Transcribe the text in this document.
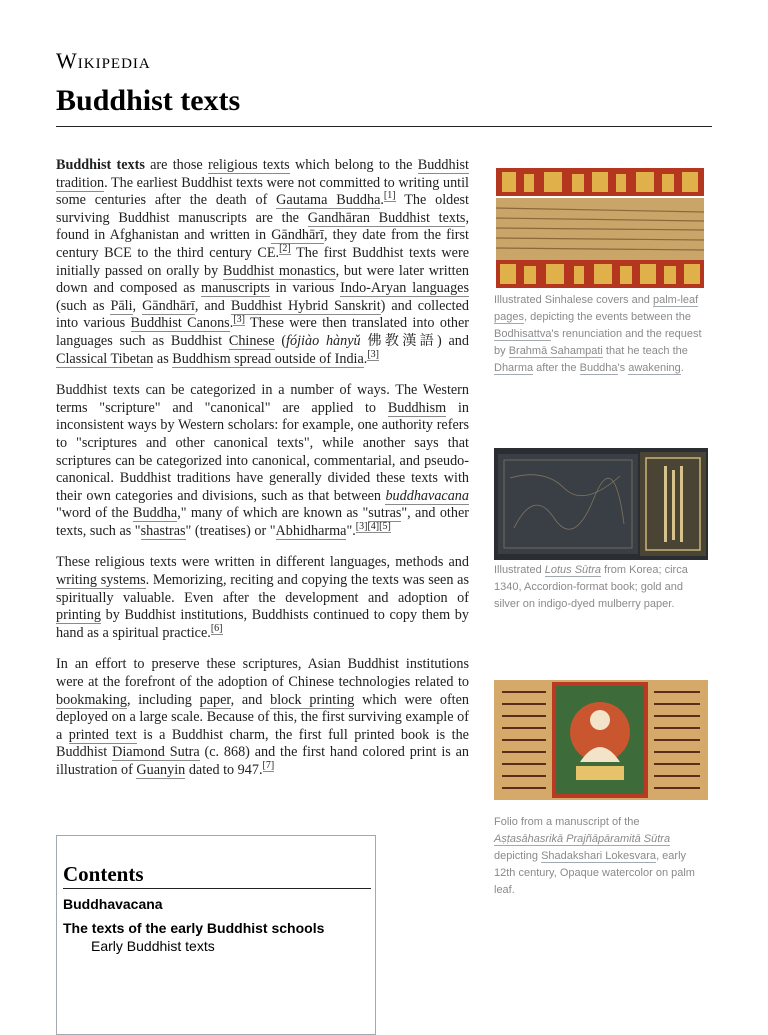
Wikipedia
Buddhist texts

Buddhist texts are those religious texts which belong to the Buddhist tradition. The earliest Buddhist texts were not committed to writing until some centuries after the death of Gautama Buddha.[1] The oldest surviving Buddhist manuscripts are the Gandhāran Buddhist texts, found in Afghanistan and written in Gāndhārī, they date from the first century BCE to the third century CE.[2] The first Buddhist texts were initially passed on orally by Buddhist monastics, but were later written down and composed as manuscripts in various Indo-Aryan languages (such as Pāli, Gāndhārī, and Buddhist Hybrid Sanskrit) and collected into various Buddhist Canons.[3] These were then translated into other languages such as Buddhist Chinese (fójiào hànyǔ 佛教漢語) and Classical Tibetan as Buddhism spread outside of India.[3]

Buddhist texts can be categorized in a number of ways. The Western terms "scripture" and "canonical" are applied to Buddhism in inconsistent ways by Western scholars: for example, one authority refers to "scriptures and other canonical texts", while another says that scriptures can be categorized into canonical, commentarial, and pseudo-canonical. Buddhist traditions have generally divided these texts with their own categories and divisions, such as that between buddhavacana "word of the Buddha," many of which are known as "sutras", and other texts, such as "shastras" (treatises) or "Abhidharma".[3][4][5]

These religious texts were written in different languages, methods and writing systems. Memorizing, reciting and copying the texts was seen as spiritually valuable. Even after the development and adoption of printing by Buddhist institutions, Buddhists continued to copy them by hand as a spiritual practice.[6]

In an effort to preserve these scriptures, Asian Buddhist institutions were at the forefront of the adoption of Chinese technologies related to bookmaking, including paper, and block printing which were often deployed on a large scale. Because of this, the first surviving example of a printed text is a Buddhist charm, the first full printed book is the Buddhist Diamond Sutra (c. 868) and the first hand colored print is an illustration of Guanyin dated to 947.[7]

Contents
Buddhavacana
The texts of the early Buddhist schools
Early Buddhist texts
Illustrated Sinhalese covers and palm-leaf pages, depicting the events between the Bodhisattva's renunciation and the request by Brahmā Sahampati that he teach the Dharma after the Buddha's awakening.
Illustrated Lotus Sūtra from Korea; circa 1340, Accordion-format book; gold and silver on indigo-dyed mulberry paper.
Folio from a manuscript of the Aṣṭasāhasrikā Prajñāpāramitā Sūtra depicting Shadakshari Lokesvara, early 12th century, Opaque watercolor on palm leaf.
